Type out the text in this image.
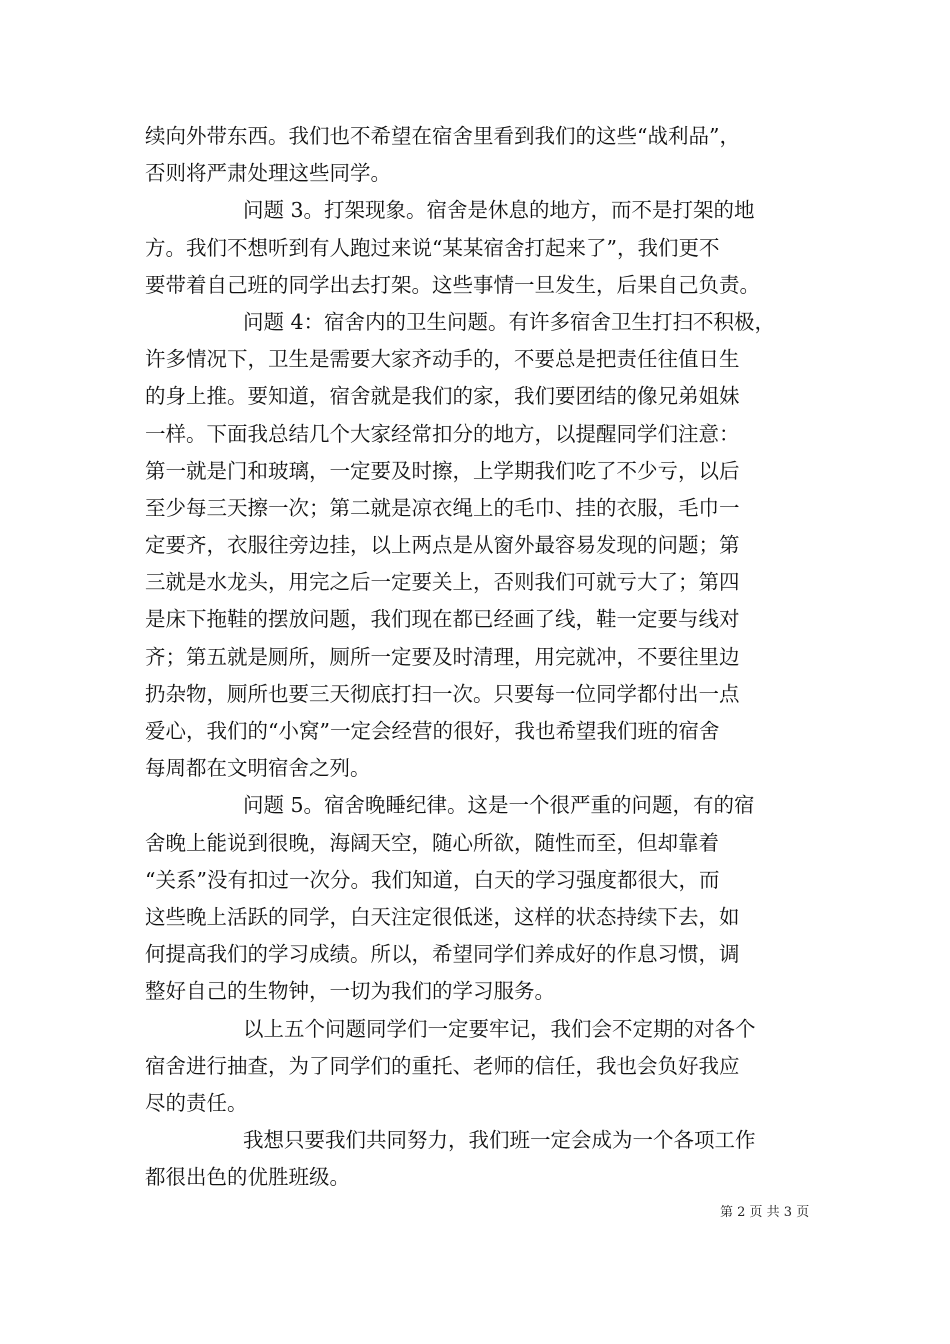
续向外带东西。我们也不希望在宿舍里看到我们的这些“战利品”，
否则将严肃处理这些同学。
问题 3。打架现象。宿舍是休息的地方，而不是打架的地
方。我们不想听到有人跑过来说“某某宿舍打起来了”，我们更不
要带着自己班的同学出去打架。这些事情一旦发生，后果自己负责。
问题 4：宿舍内的卫生问题。有许多宿舍卫生打扫不积极，
许多情况下，卫生是需要大家齐动手的，不要总是把责任往值日生
的身上推。要知道，宿舍就是我们的家，我们要团结的像兄弟姐妹
一样。下面我总结几个大家经常扣分的地方，以提醒同学们注意：
第一就是门和玻璃，一定要及时擦，上学期我们吃了不少亏，以后
至少每三天擦一次；第二就是凉衣绳上的毛巾、挂的衣服，毛巾一
定要齐，衣服往旁边挂，以上两点是从窗外最容易发现的问题；第
三就是水龙头，用完之后一定要关上，否则我们可就亏大了；第四
是床下拖鞋的摆放问题，我们现在都已经画了线，鞋一定要与线对
齐；第五就是厕所，厕所一定要及时清理，用完就冲，不要往里边
扔杂物，厕所也要三天彻底打扫一次。只要每一位同学都付出一点
爱心，我们的“小窝”一定会经营的很好，我也希望我们班的宿舍
每周都在文明宿舍之列。
问题 5。宿舍晚睡纪律。这是一个很严重的问题，有的宿
舍晚上能说到很晚，海阔天空，随心所欲，随性而至，但却靠着
“关系”没有扣过一次分。我们知道，白天的学习强度都很大，而
这些晚上活跃的同学，白天注定很低迷，这样的状态持续下去，如
何提高我们的学习成绩。所以，希望同学们养成好的作息习惯，调
整好自己的生物钟，一切为我们的学习服务。
以上五个问题同学们一定要牢记，我们会不定期的对各个
宿舍进行抽查，为了同学们的重托、老师的信任，我也会负好我应
尽的责任。
我想只要我们共同努力，我们班一定会成为一个各项工作
都很出色的优胜班级。
第 2 页 共 3 页
